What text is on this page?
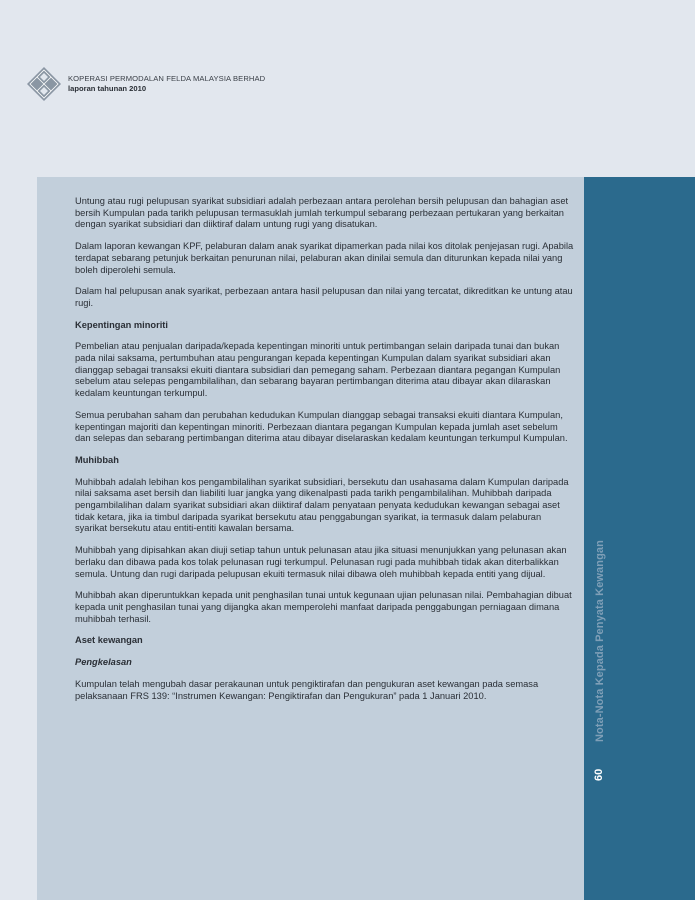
KOPERASI PERMODALAN FELDA MALAYSIA BERHAD
laporan tahunan 2010
Nota-Nota Kepada Penyata Kewangan
60

Untung atau rugi pelupusan syarikat subsidiari adalah perbezaan antara perolehan bersih pelupusan dan bahagian aset bersih Kumpulan pada tarikh pelupusan termasuklah jumlah terkumpul sebarang perbezaan pertukaran yang berkaitan dengan syarikat subsidiari dan diiktiraf dalam untung rugi yang disatukan.

Dalam laporan kewangan KPF, pelaburan dalam anak syarikat dipamerkan pada nilai kos ditolak penjejasan rugi. Apabila terdapat sebarang petunjuk berkaitan penurunan nilai, pelaburan akan dinilai semula dan diturunkan kepada nilai yang boleh diperolehi semula.

Dalam hal pelupusan anak syarikat, perbezaan antara hasil pelupusan dan nilai yang tercatat, dikreditkan ke untung atau rugi.

Kepentingan minoriti

Pembelian atau penjualan daripada/kepada kepentingan minoriti untuk pertimbangan selain daripada tunai dan bukan pada nilai saksama, pertumbuhan atau pengurangan kepada kepentingan Kumpulan dalam syarikat subsidiari akan dianggap sebagai transaksi ekuiti diantara subsidiari dan pemegang saham. Perbezaan diantara pegangan Kumpulan sebelum atau selepas pengambilalihan, dan sebarang bayaran pertimbangan diterima atau dibayar akan dilaraskan kedalam keuntungan terkumpul.

Semua perubahan saham dan perubahan kedudukan Kumpulan dianggap sebagai transaksi ekuiti diantara Kumpulan, kepentingan majoriti dan kepentingan minoriti. Perbezaan diantara pegangan Kumpulan kepada jumlah aset sebelum dan selepas dan sebarang pertimbangan diterima atau dibayar diselaraskan kedalam keuntungan terkumpul Kumpulan.

Muhibbah

Muhibbah adalah lebihan kos pengambilalihan syarikat subsidiari, bersekutu dan usahasama dalam Kumpulan daripada nilai saksama aset bersih dan liabiliti luar jangka yang dikenalpasti pada tarikh pengambilalihan. Muhibbah daripada pengambilalihan dalam syarikat subsidiari akan diiktiraf dalam penyataan penyata kedudukan kewangan sebagai aset tidak ketara, jika ia timbul daripada syarikat bersekutu atau penggabungan syarikat, ia termasuk dalam pelaburan syarikat bersekutu atau entiti-entiti kawalan bersama.

Muhibbah yang dipisahkan akan diuji setiap tahun untuk pelunasan atau jika situasi menunjukkan yang pelunasan akan berlaku dan dibawa pada kos tolak pelunasan rugi terkumpul. Pelunasan rugi pada muhibbah tidak akan diterbalikkan semula. Untung dan rugi daripada pelupusan ekuiti termasuk nilai dibawa oleh muhibbah kepada entiti yang dijual.

Muhibbah akan diperuntukkan kepada unit penghasilan tunai untuk kegunaan ujian pelunasan nilai. Pembahagian dibuat kepada unit penghasilan tunai yang dijangka akan memperolehi manfaat daripada penggabungan perniagaan dimana muhibbah terhasil.

Aset kewangan
Pengkelasan

Kumpulan telah mengubah dasar perakaunan untuk pengiktirafan dan pengukuran aset kewangan pada semasa pelaksanaan FRS 139: “Instrumen Kewangan: Pengiktirafan dan Pengukuran” pada 1 Januari 2010.
